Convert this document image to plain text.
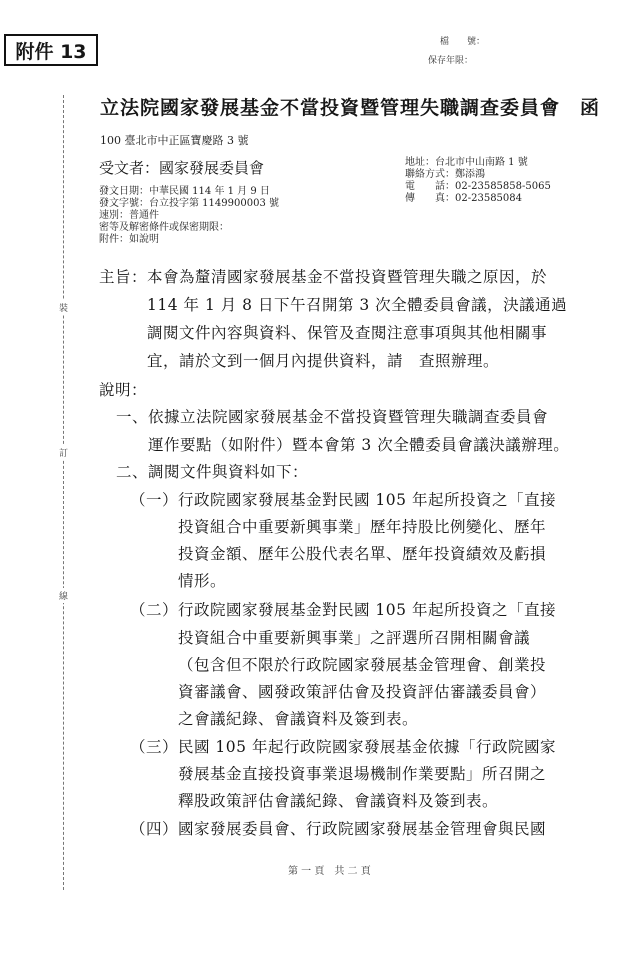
附件 13	檔　　號：
保存年限：
裝
訂
線
立法院國家發展基金不當投資暨管理失職調查委員會　函
100 臺北市中正區寶慶路 3 號
受文者：國家發展委員會	地址：台北市中山南路 1 號
聯絡方式：鄭添鴻
電　　話：02-23585858-5065
傳　　真：02-23585084
發文日期：中華民國 114 年 1 月 9 日
發文字號：台立投字第 1149900003 號
速別：普通件
密等及解密條件或保密期限：
附件：如說明
主旨：本會為釐清國家發展基金不當投資暨管理失職之原因，於
114 年 1 月 8 日下午召開第 3 次全體委員會議，決議通過
調閱文件內容與資料、保管及查閱注意事項與其他相關事
宜，請於文到一個月內提供資料，請　查照辦理。
說明：
一、依據立法院國家發展基金不當投資暨管理失職調查委員會
運作要點（如附件）暨本會第 3 次全體委員會議決議辦理。
二、調閱文件與資料如下：
（一） 行政院國家發展基金對民國 105 年起所投資之「直接
投資組合中重要新興事業」歷年持股比例變化、歷年
投資金額、歷年公股代表名單、歷年投資績效及虧損
情形。
（二） 行政院國家發展基金對民國 105 年起所投資之「直接
投資組合中重要新興事業」之評選所召開相關會議
（包含但不限於行政院國家發展基金管理會、創業投
資審議會、國發政策評估會及投資評估審議委員會）
之會議紀錄、會議資料及簽到表。
（三） 民國 105 年起行政院國家發展基金依據「行政院國家
發展基金直接投資事業退場機制作業要點」所召開之
釋股政策評估會議紀錄、會議資料及簽到表。
（四） 國家發展委員會、行政院國家發展基金管理會與民國
第 一 頁　共 二 頁
